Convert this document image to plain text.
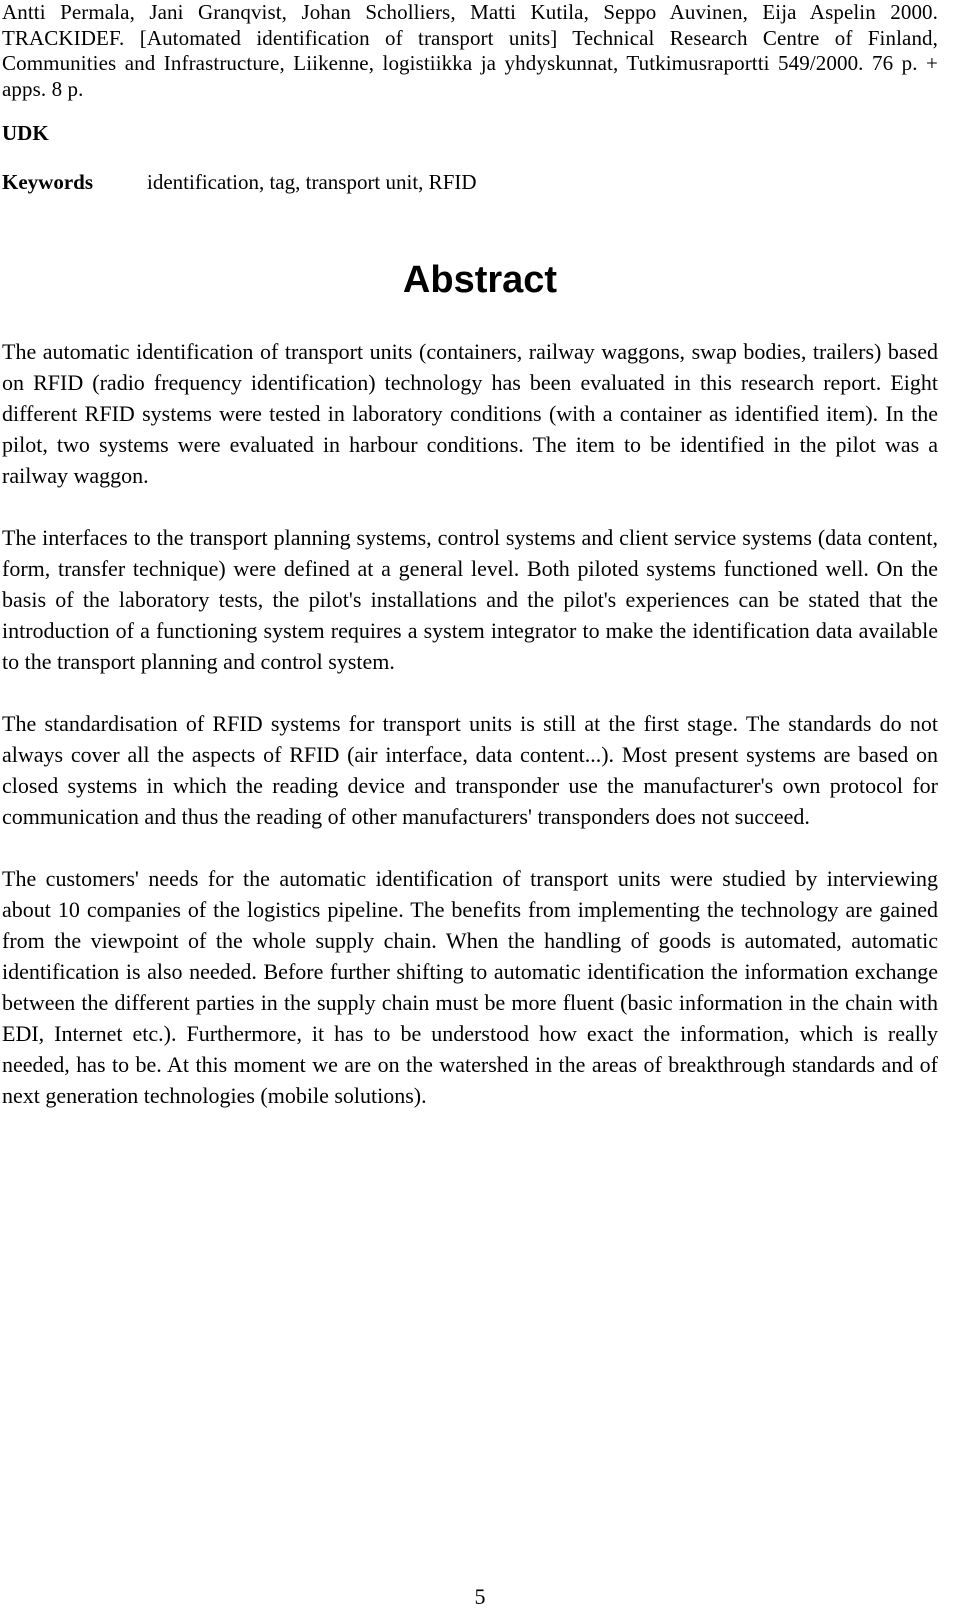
Antti Permala, Jani Granqvist, Johan Scholliers, Matti Kutila, Seppo Auvinen, Eija Aspelin 2000. TRACKIDEF. [Automated identification of transport units] Technical Research Centre of Finland, Communities and Infrastructure, Liikenne, logistiikka ja yhdyskunnat, Tutkimusraportti 549/2000. 76 p. + apps. 8 p.
UDK
Keywords	identification, tag, transport unit, RFID
Abstract

The automatic identification of transport units (containers, railway waggons, swap bodies, trailers) based on RFID (radio frequency identification) technology has been evaluated in this research report. Eight different RFID systems were tested in laboratory conditions (with a container as identified item). In the pilot, two systems were evaluated in harbour conditions. The item to be identified in the pilot was a railway waggon.

The interfaces to the transport planning systems, control systems and client service systems (data content, form, transfer technique) were defined at a general level. Both piloted systems functioned well. On the basis of the laboratory tests, the pilot's installations and the pilot's experiences can be stated that the introduction of a functioning system requires a system integrator to make the identification data available to the transport planning and control system.

The standardisation of RFID systems for transport units is still at the first stage. The standards do not always cover all the aspects of RFID (air interface, data content...). Most present systems are based on closed systems in which the reading device and transponder use the manufacturer's own protocol for communication and thus the reading of other manufacturers' transponders does not succeed.

The customers' needs for the automatic identification of transport units were studied by interviewing about 10 companies of the logistics pipeline. The benefits from implementing the technology are gained from the viewpoint of the whole supply chain. When the handling of goods is automated, automatic identification is also needed. Before further shifting to automatic identification the information exchange between the different parties in the supply chain must be more fluent (basic information in the chain with EDI, Internet etc.). Furthermore, it has to be understood how exact the information, which is really needed, has to be. At this moment we are on the watershed in the areas of breakthrough standards and of next generation technologies (mobile solutions).

5
